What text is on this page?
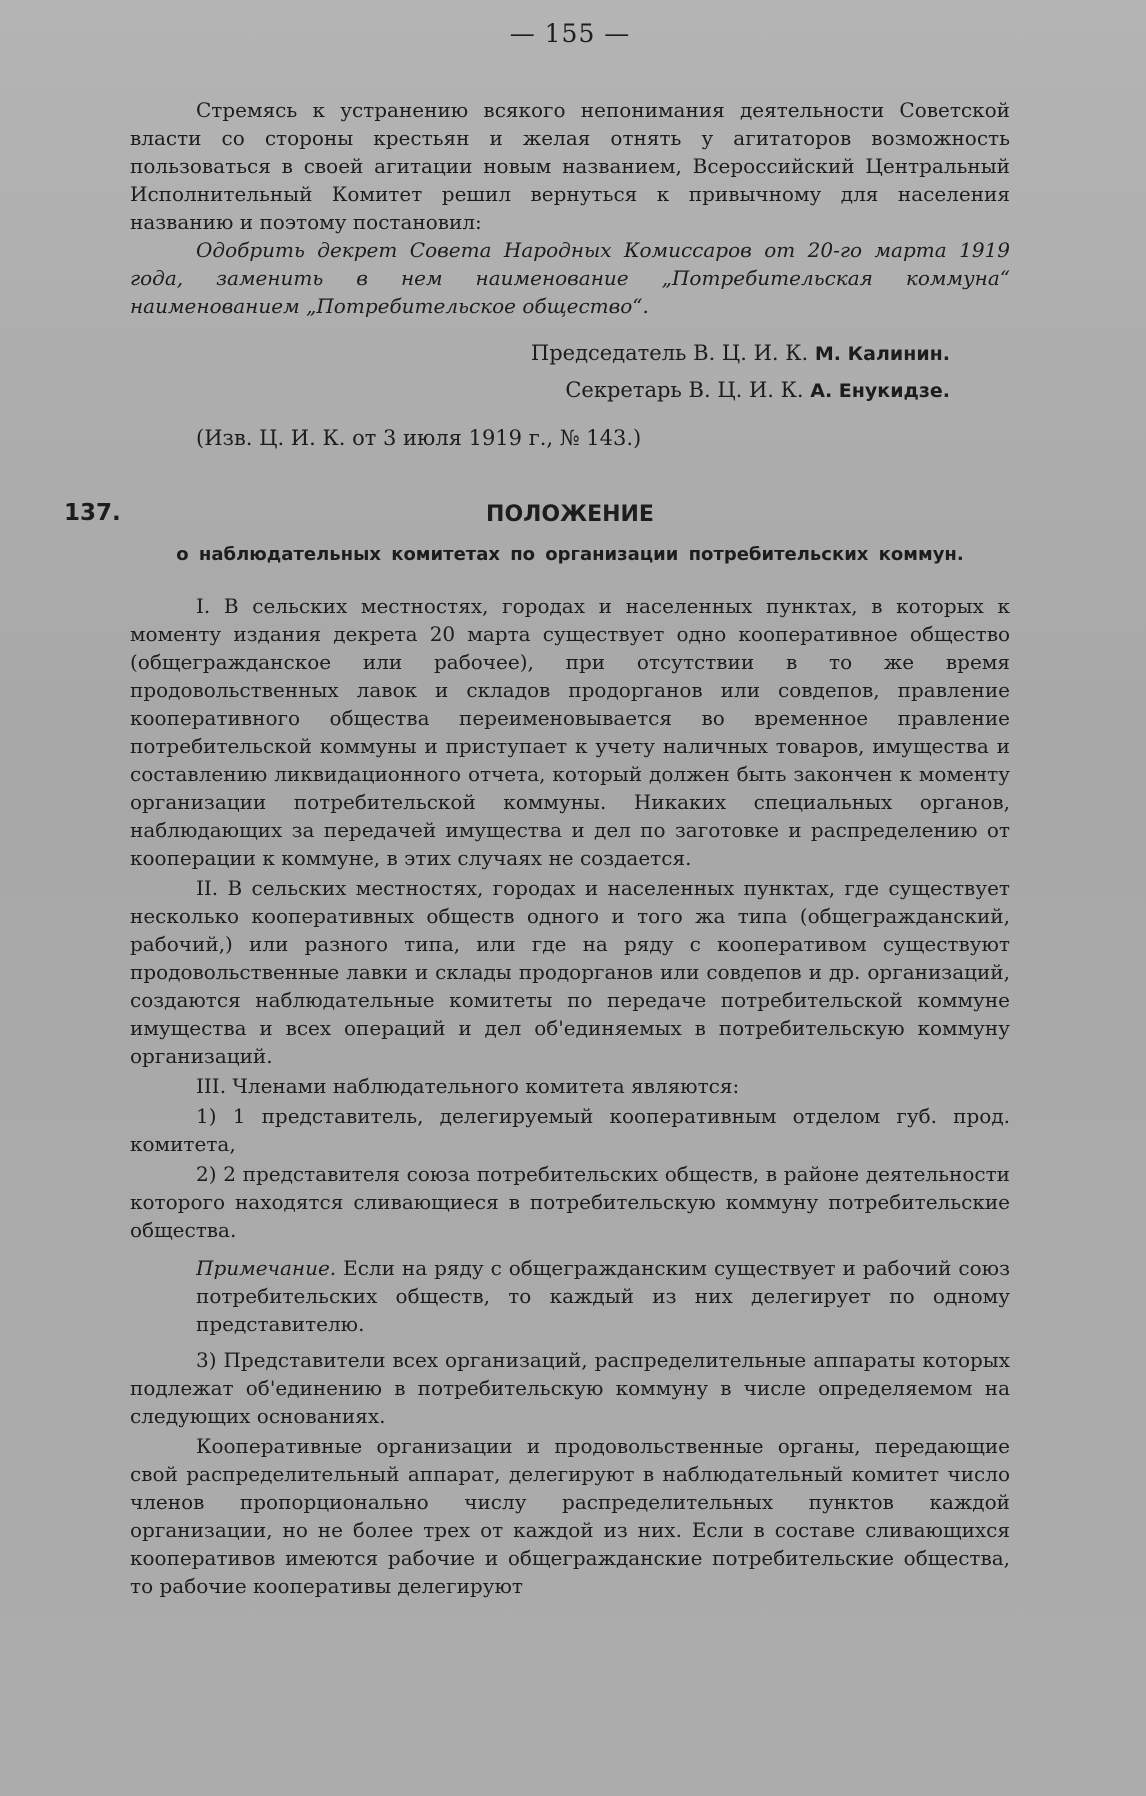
— 155 —

Стремясь к устранению всякого непонимания деятельности Советской власти со стороны крестьян и желая отнять у агитаторов возможность пользоваться в своей агитации новым названием, Всероссийский Центральный Исполнительный Комитет решил вернуться к привычному для населения названию и поэтому постановил:

Одобрить декрет Совета Народных Комиссаров от 20-го марта 1919 года, заменить в нем наименование „Потребительская коммуна“ наименованием „Потребительское общество“.

Председатель В. Ц. И. К. М. Калинин.
Секретарь В. Ц. И. К. А. Енукидзе.

(Изв. Ц. И. К. от 3 июля 1919 г., № 143.)

137.	ПОЛОЖЕНИЕ
о наблюдательных комитетах по организации потребительских коммун.

I. В сельских местностях, городах и населенных пунктах, в которых к моменту издания декрета 20 марта существует одно кооперативное общество (общегражданское или рабочее), при отсутствии в то же время продовольственных лавок и складов продорганов или совдепов, правление кооперативного общества переименовывается во временное правление потребительской коммуны и приступает к учету наличных товаров, имущества и составлению ликвидационного отчета, который должен быть закончен к моменту организации потребительской коммуны. Никаких специальных органов, наблюдающих за передачей имущества и дел по заготовке и распределению от кооперации к коммуне, в этих случаях не создается.

II. В сельских местностях, городах и населенных пунктах, где существует несколько кооперативных обществ одного и того жа типа (общегражданский, рабочий,) или разного типа, или где на ряду с кооперативом существуют продовольственные лавки и склады продорганов или совдепов и др. организаций, создаются наблюдательные комитеты по передаче потребительской коммуне имущества и всех операций и дел об'единяемых в потребительскую коммуну организаций.

III. Членами наблюдательного комитета являются:

1) 1 представитель, делегируемый кооперативным отделом губ. прод. комитета,

2) 2 представителя союза потребительских обществ, в районе деятельности которого находятся сливающиеся в потребительскую коммуну потребительские общества.

Примечание. Если на ряду с общегражданским существует и рабочий союз потребительских обществ, то каждый из них делегирует по одному представителю.

3) Представители всех организаций, распределительные аппараты которых подлежат об'единению в потребительскую коммуну в числе определяемом на следующих основаниях.

Кооперативные организации и продовольственные органы, передающие свой распределительный аппарат, делегируют в наблюдательный комитет число членов пропорционально числу распределительных пунктов каждой организации, но не более трех от каждой из них. Если в составе сливающихся кооперативов имеются рабочие и общегражданские потребительские общества, то рабочие кооперативы делегируют
